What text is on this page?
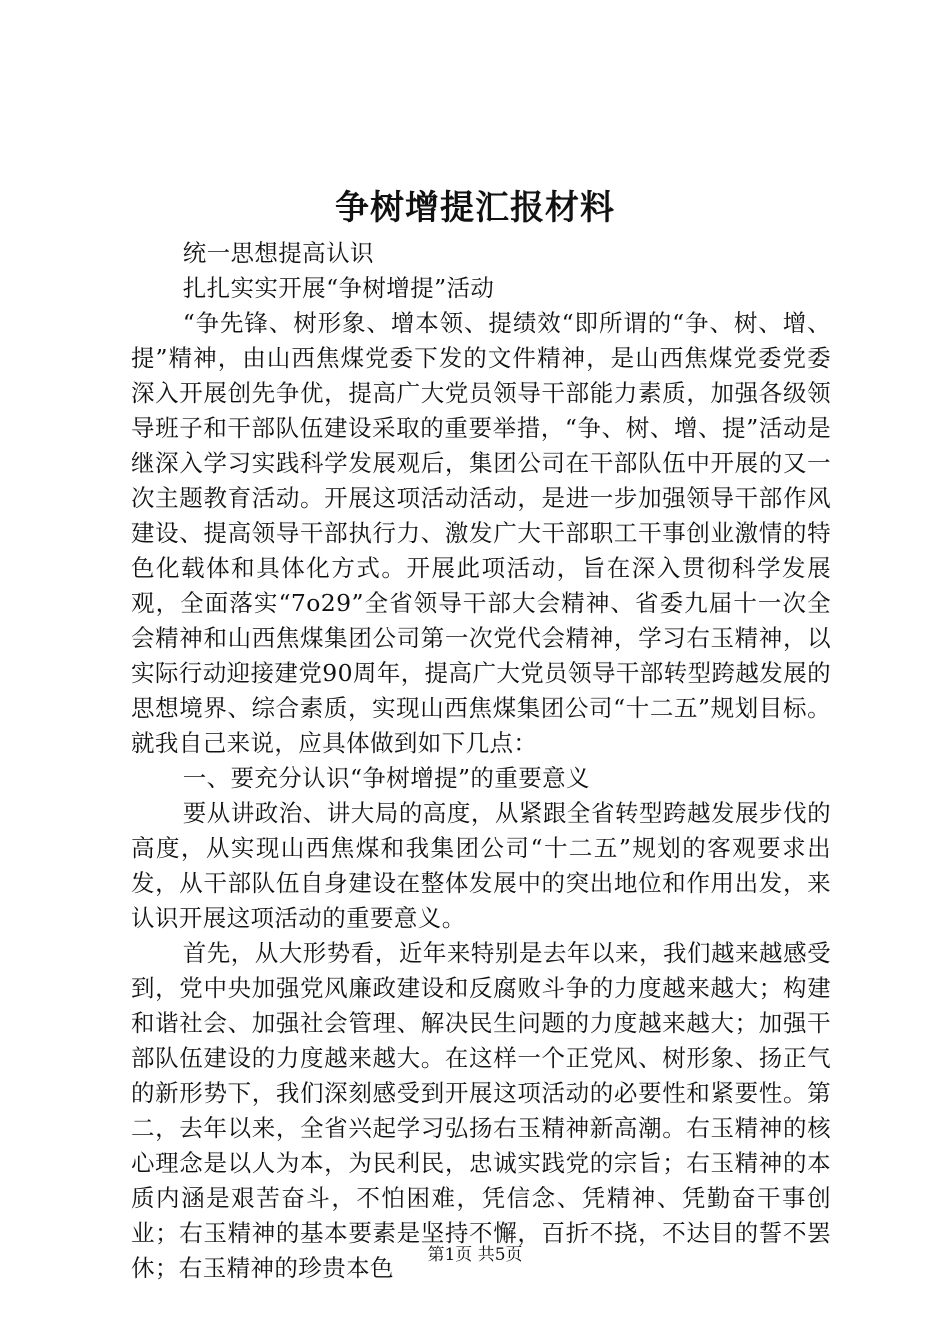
争树增提汇报材料

统一思想提高认识

扎扎实实开展“争树增提”活动

“争先锋、树形象、增本领、提绩效“即所谓的“争、树、增、提”精神，由山西焦煤党委下发的文件精神，是山西焦煤党委党委深入开展创先争优，提高广大党员领导干部能力素质，加强各级领导班子和干部队伍建设采取的重要举措，“争、树、增、提”活动是继深入学习实践科学发展观后，集团公司在干部队伍中开展的又一次主题教育活动。开展这项活动活动，是进一步加强领导干部作风建设、提高领导干部执行力、激发广大干部职工干事创业激情的特色化载体和具体化方式。开展此项活动，旨在深入贯彻科学发展观，全面落实“7o29”全省领导干部大会精神、省委九届十一次全会精神和山西焦煤集团公司第一次党代会精神，学习右玉精神，以实际行动迎接建党90周年，提高广大党员领导干部转型跨越发展的思想境界、综合素质，实现山西焦煤集团公司“十二五”规划目标。就我自己来说，应具体做到如下几点：

一、要充分认识“争树增提”的重要意义

要从讲政治、讲大局的高度，从紧跟全省转型跨越发展步伐的高度，从实现山西焦煤和我集团公司“十二五”规划的客观要求出发，从干部队伍自身建设在整体发展中的突出地位和作用出发，来认识开展这项活动的重要意义。

首先，从大形势看，近年来特别是去年以来，我们越来越感受到，党中央加强党风廉政建设和反腐败斗争的力度越来越大；构建和谐社会、加强社会管理、解决民生问题的力度越来越大；加强干部队伍建设的力度越来越大。在这样一个正党风、树形象、扬正气的新形势下，我们深刻感受到开展这项活动的必要性和紧要性。第二，去年以来，全省兴起学习弘扬右玉精神新高潮。右玉精神的核心理念是以人为本，为民利民，忠诚实践党的宗旨；右玉精神的本质内涵是艰苦奋斗，不怕困难，凭信念、凭精神、凭勤奋干事创业；右玉精神的基本要素是坚持不懈，百折不挠，不达目的誓不罢休；右玉精神的珍贵本色	第1页 共5页
